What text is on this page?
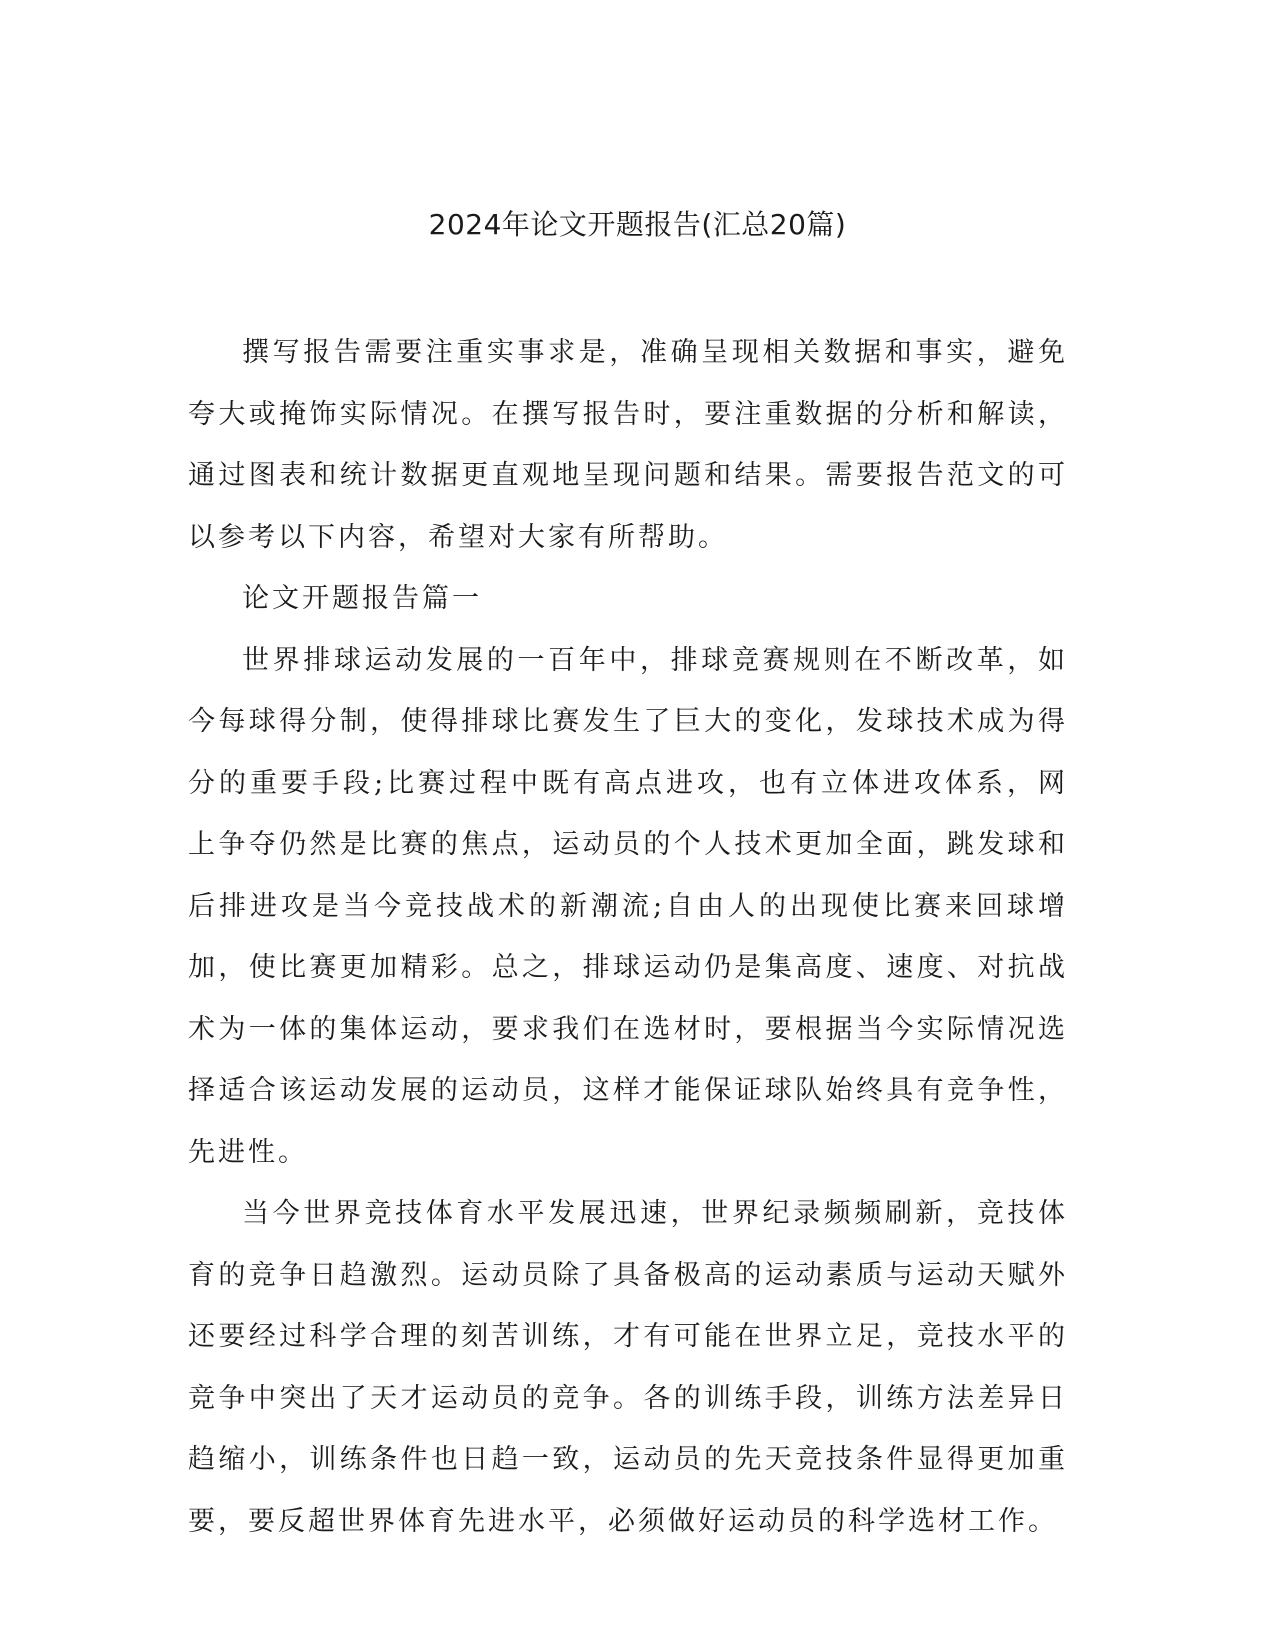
2024年论文开题报告(汇总20篇)

撰写报告需要注重实事求是，准确呈现相关数据和事实，避免夸大或掩饰实际情况。在撰写报告时，要注重数据的分析和解读，通过图表和统计数据更直观地呈现问题和结果。需要报告范文的可以参考以下内容，希望对大家有所帮助。

论文开题报告篇一

世界排球运动发展的一百年中，排球竞赛规则在不断改革，如今每球得分制，使得排球比赛发生了巨大的变化，发球技术成为得分的重要手段;比赛过程中既有高点进攻，也有立体进攻体系，网上争夺仍然是比赛的焦点，运动员的个人技术更加全面，跳发球和后排进攻是当今竞技战术的新潮流;自由人的出现使比赛来回球增加，使比赛更加精彩。总之，排球运动仍是集高度、速度、对抗战术为一体的集体运动，要求我们在选材时，要根据当今实际情况选择适合该运动发展的运动员，这样才能保证球队始终具有竞争性，先进性。

当今世界竞技体育水平发展迅速，世界纪录频频刷新，竞技体育的竞争日趋激烈。运动员除了具备极高的运动素质与运动天赋外还要经过科学合理的刻苦训练，才有可能在世界立足，竞技水平的竞争中突出了天才运动员的竞争。各的训练手段，训练方法差异日趋缩小，训练条件也日趋一致，运动员的先天竞技条件显得更加重要，要反超世界体育先进水平，必须做好运动员的科学选材工作。
